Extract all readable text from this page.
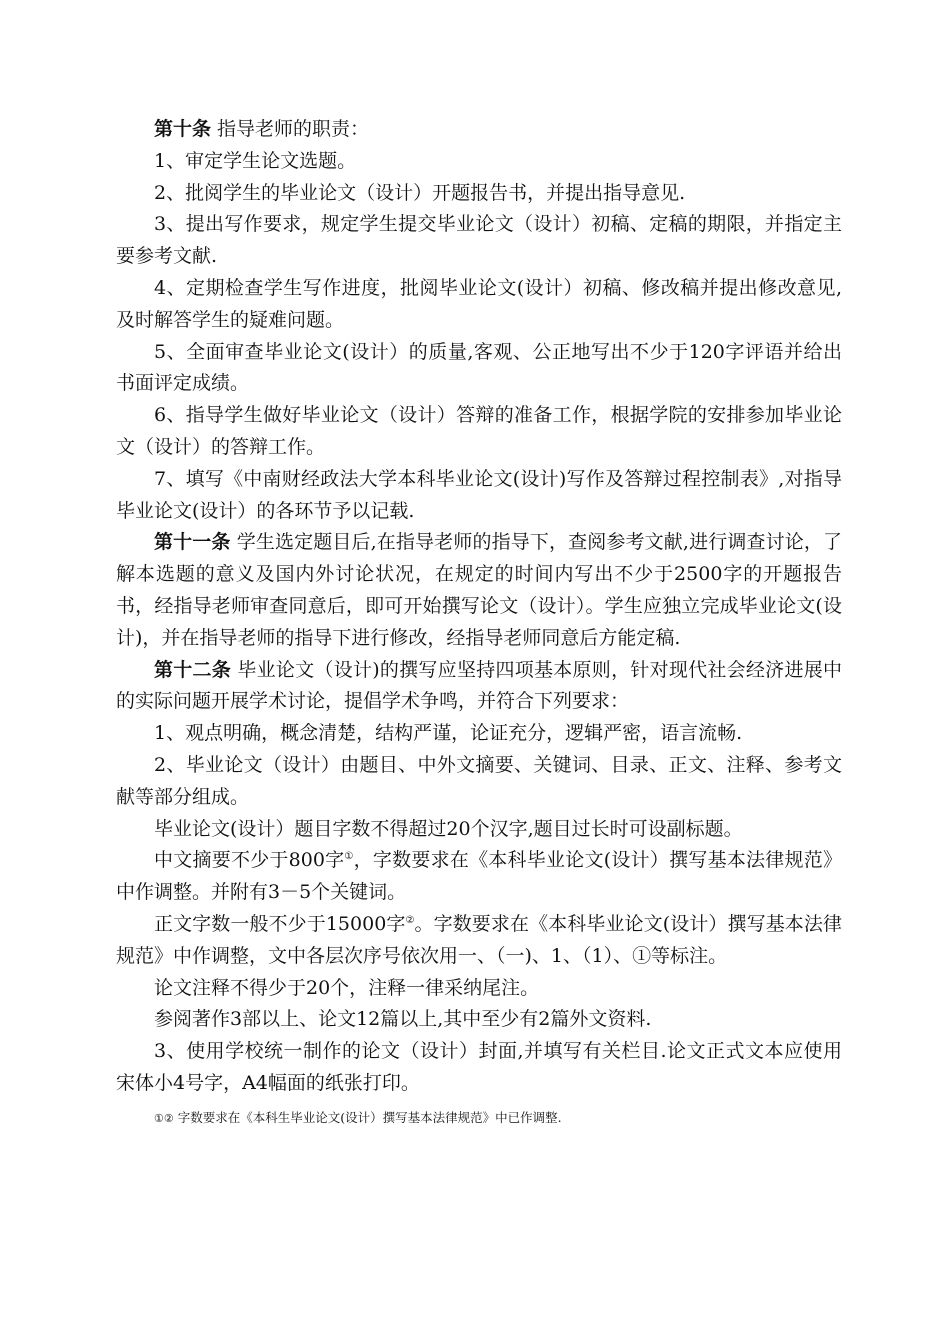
第十条 指导老师的职责：

1、审定学生论文选题。

2、批阅学生的毕业论文（设计）开题报告书，并提出指导意见.

3、提出写作要求，规定学生提交毕业论文（设计）初稿、定稿的期限，并指定主要参考文献.

4、定期检查学生写作进度，批阅毕业论文(设计）初稿、修改稿并提出修改意见,及时解答学生的疑难问题。

5、全面审查毕业论文(设计）的质量,客观、公正地写出不少于120字评语并给出书面评定成绩。

6、指导学生做好毕业论文（设计）答辩的准备工作，根据学院的安排参加毕业论文（设计）的答辩工作。

7、填写《中南财经政法大学本科毕业论文(设计)写作及答辩过程控制表》,对指导毕业论文(设计）的各环节予以记载.

第十一条 学生选定题目后,在指导老师的指导下，查阅参考文献,进行调查讨论，了解本选题的意义及国内外讨论状况，在规定的时间内写出不少于2500字的开题报告书，经指导老师审查同意后，即可开始撰写论文（设计）。学生应独立完成毕业论文(设计)，并在指导老师的指导下进行修改，经指导老师同意后方能定稿.

第十二条 毕业论文（设计)的撰写应坚持四项基本原则，针对现代社会经济进展中的实际问题开展学术讨论，提倡学术争鸣，并符合下列要求：

1、观点明确，概念清楚，结构严谨，论证充分，逻辑严密，语言流畅.

2、毕业论文（设计）由题目、中外文摘要、关键词、目录、正文、注释、参考文献等部分组成。

毕业论文(设计）题目字数不得超过20个汉字,题目过长时可设副标题。

中文摘要不少于800字①，字数要求在《本科毕业论文(设计）撰写基本法律规范》中作调整。并附有3－5个关键词。

正文字数一般不少于15000字②。字数要求在《本科毕业论文(设计）撰写基本法律规范》中作调整，文中各层次序号依次用一、（一)、1、（1）、①等标注。

论文注释不得少于20个，注释一律采纳尾注。

参阅著作3部以上、论文12篇以上,其中至少有2篇外文资料.

3、使用学校统一制作的论文（设计）封面,并填写有关栏目.论文正式文本应使用宋体小4号字，A4幅面的纸张打印。

①② 字数要求在《本科生毕业论文(设计）撰写基本法律规范》中已作调整.
